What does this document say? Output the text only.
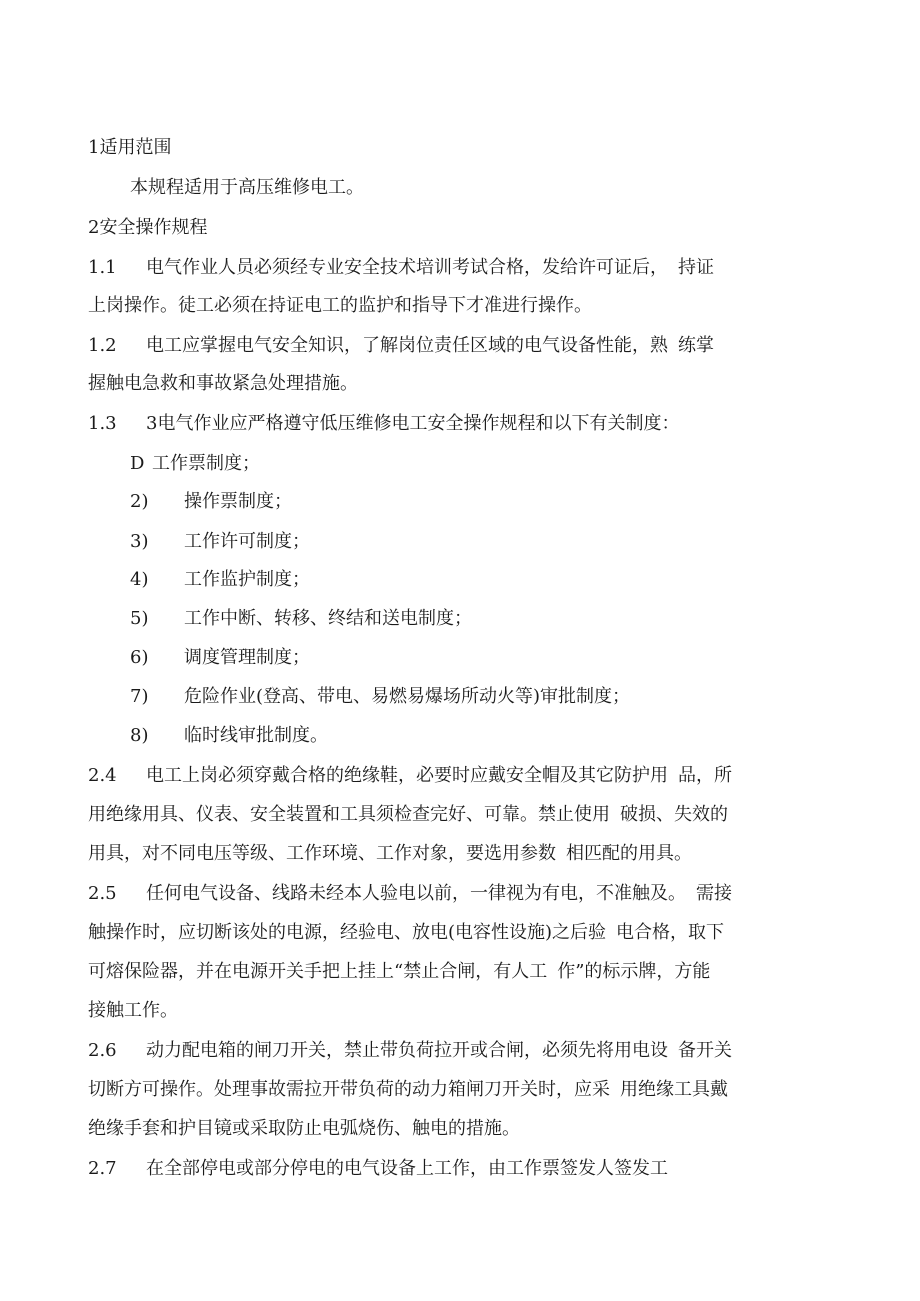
1适用范围
本规程适用于高压维修电工。
2安全操作规程
1.1 电气作业人员必须经专业安全技术培训考试合格，发给许可证后， 持证
上岗操作。徒工必须在持证电工的监护和指导下才准进行操作。
1.2 电工应掌握电气安全知识，了解岗位责任区域的电气设备性能，熟 练掌
握触电急救和事故紧急处理措施。
1.3 3电气作业应严格遵守低压维修电工安全操作规程和以下有关制度：
D 工作票制度；
2) 操作票制度；
3) 工作许可制度；
4) 工作监护制度；
5) 工作中断、转移、终结和送电制度；
6) 调度管理制度；
7) 危险作业(登高、带电、易燃易爆场所动火等)审批制度；
8) 临时线审批制度。
2.4 电工上岗必须穿戴合格的绝缘鞋，必要时应戴安全帽及其它防护用 品，所
用绝缘用具、仪表、安全装置和工具须检查完好、可靠。禁止使用 破损、失效的
用具，对不同电压等级、工作环境、工作对象，要选用参数 相匹配的用具。
2.5 任何电气设备、线路未经本人验电以前，一律视为有电，不准触及。 需接
触操作时，应切断该处的电源，经验电、放电(电容性设施)之后验 电合格，取下
可熔保险器，并在电源开关手把上挂上“禁止合闸，有人工 作”的标示牌，方能
接触工作。
2.6 动力配电箱的闸刀开关，禁止带负荷拉开或合闸，必须先将用电设 备开关
切断方可操作。处理事故需拉开带负荷的动力箱闸刀开关时，应采 用绝缘工具戴
绝缘手套和护目镜或采取防止电弧烧伤、触电的措施。
2.7 在全部停电或部分停电的电气设备上工作，由工作票签发人签发工
